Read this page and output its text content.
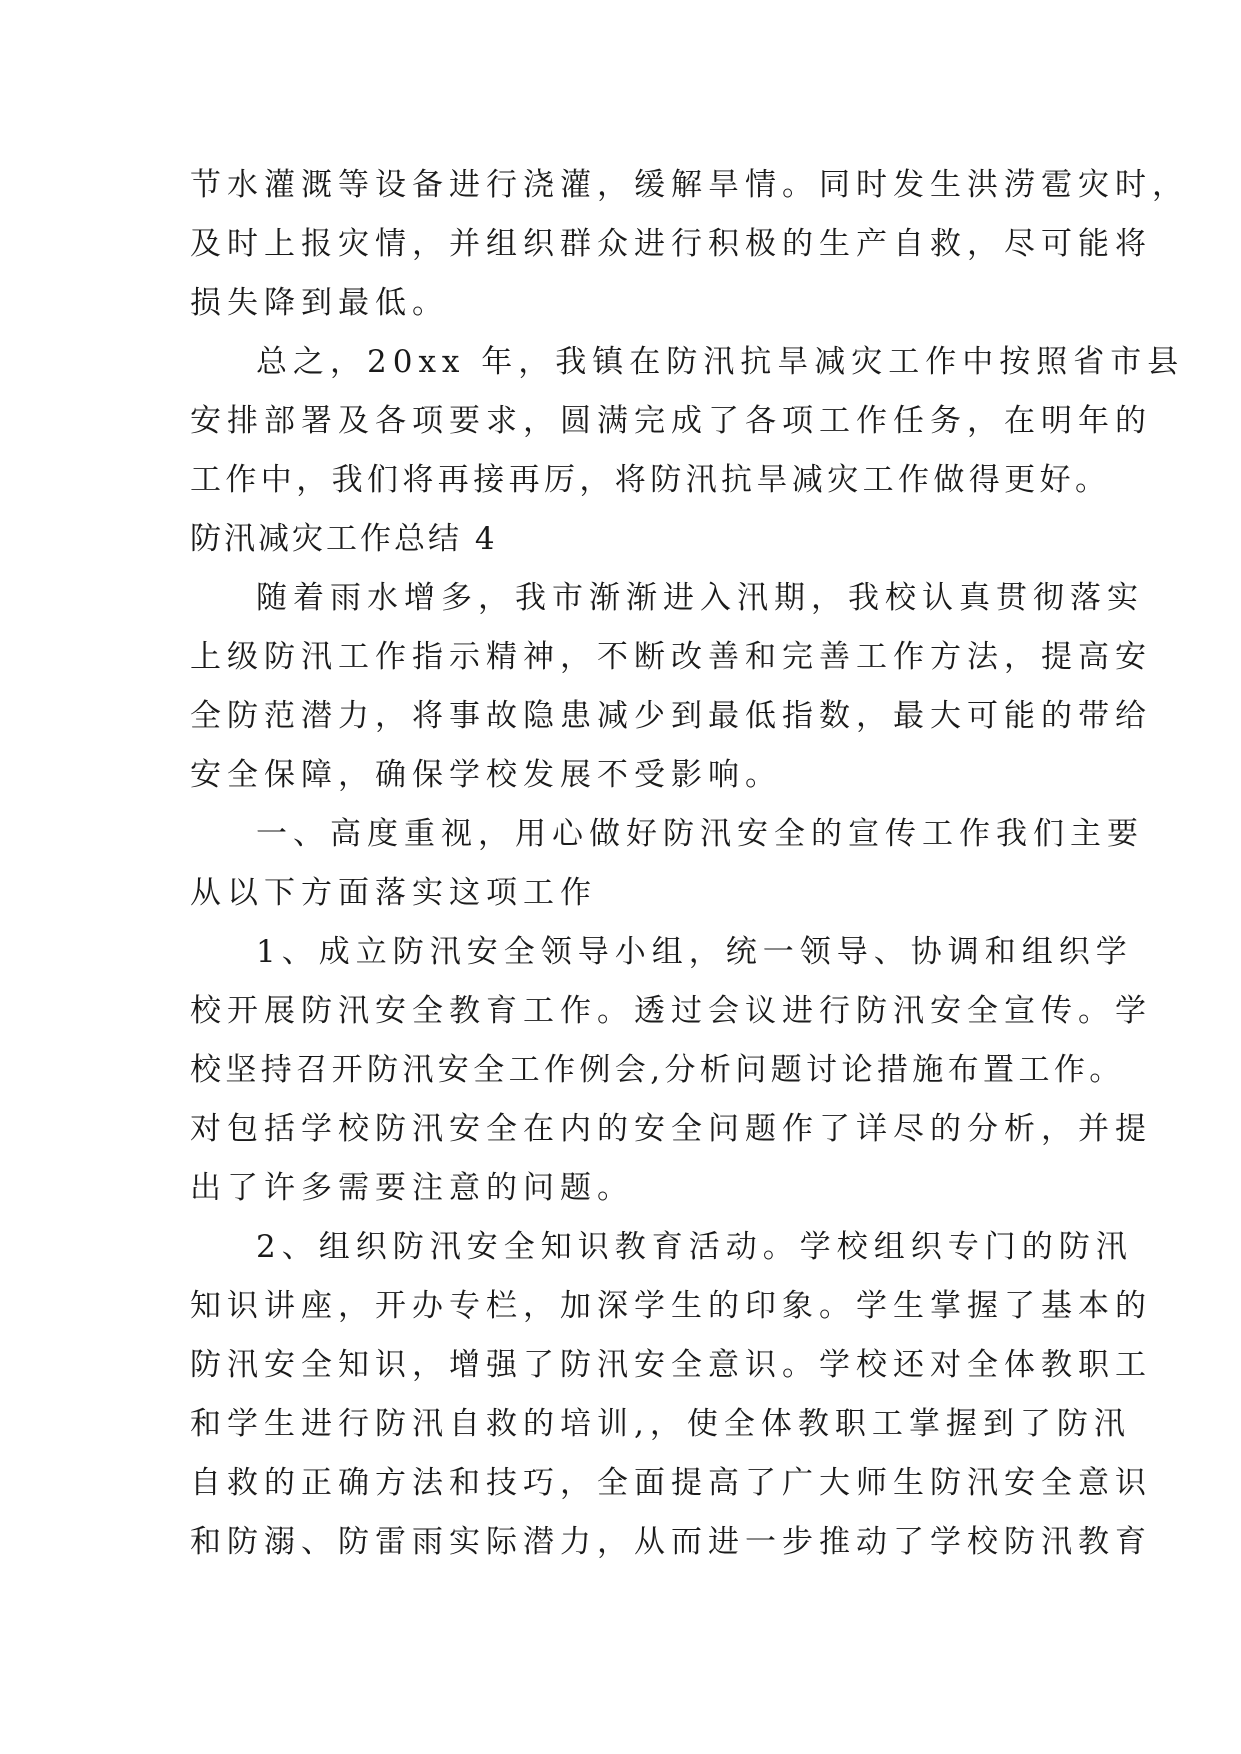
节水灌溉等设备进行浇灌，缓解旱情。同时发生洪涝雹灾时，
及时上报灾情，并组织群众进行积极的生产自救，尽可能将
损失降到最低。
总之，20xx 年，我镇在防汛抗旱减灾工作中按照省市县
安排部署及各项要求，圆满完成了各项工作任务，在明年的
工作中，我们将再接再厉，将防汛抗旱减灾工作做得更好。
防汛减灾工作总结 4
随着雨水增多，我市渐渐进入汛期，我校认真贯彻落实
上级防汛工作指示精神，不断改善和完善工作方法，提高安
全防范潜力，将事故隐患减少到最低指数，最大可能的带给
安全保障，确保学校发展不受影响。
一、高度重视，用心做好防汛安全的宣传工作我们主要
从以下方面落实这项工作
1、成立防汛安全领导小组，统一领导、协调和组织学
校开展防汛安全教育工作。透过会议进行防汛安全宣传。学
校坚持召开防汛安全工作例会,分析问题讨论措施布置工作。
对包括学校防汛安全在内的安全问题作了详尽的分析，并提
出了许多需要注意的问题。
2、组织防汛安全知识教育活动。学校组织专门的防汛
知识讲座，开办专栏，加深学生的印象。学生掌握了基本的
防汛安全知识，增强了防汛安全意识。学校还对全体教职工
和学生进行防汛自救的培训,，使全体教职工掌握到了防汛
自救的正确方法和技巧，全面提高了广大师生防汛安全意识
和防溺、防雷雨实际潜力，从而进一步推动了学校防汛教育
